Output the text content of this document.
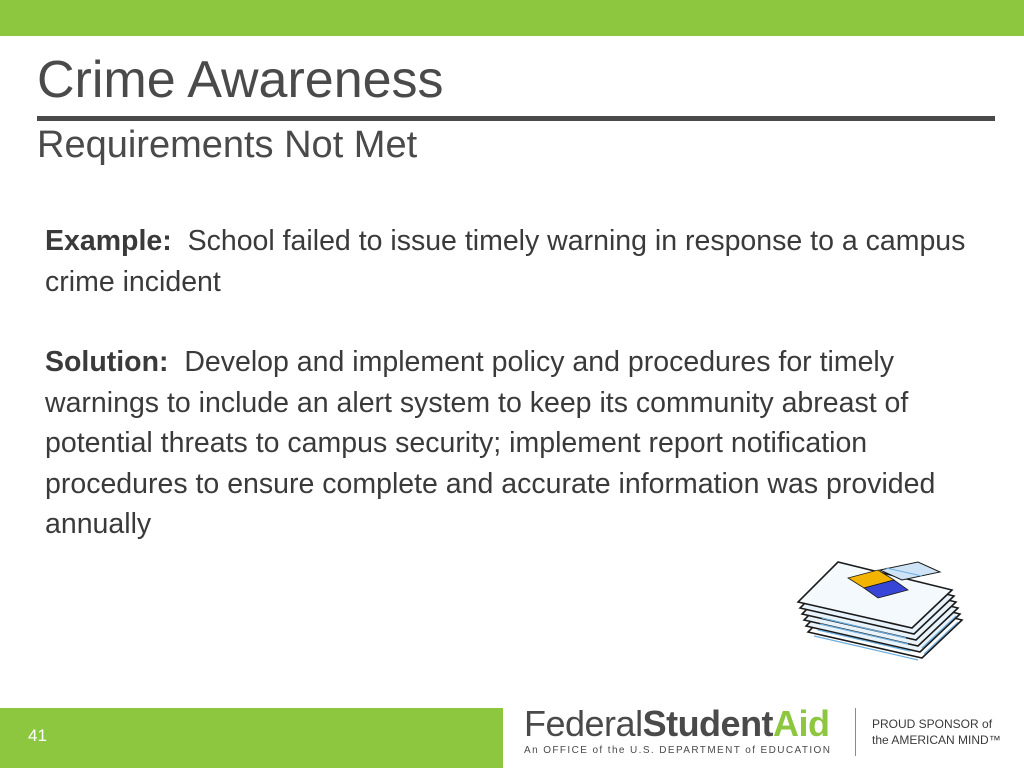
Crime Awareness
Requirements Not Met

Example: School failed to issue timely warning in response to a campus crime incident

Solution: Develop and implement policy and procedures for timely warnings to include an alert system to keep its community abreast of potential threats to campus security; implement report notification procedures to ensure complete and accurate information was provided annually

41	FederalStudentAid
An OFFICE of the U.S. DEPARTMENT of EDUCATION
PROUD SPONSOR of
the AMERICAN MIND™
